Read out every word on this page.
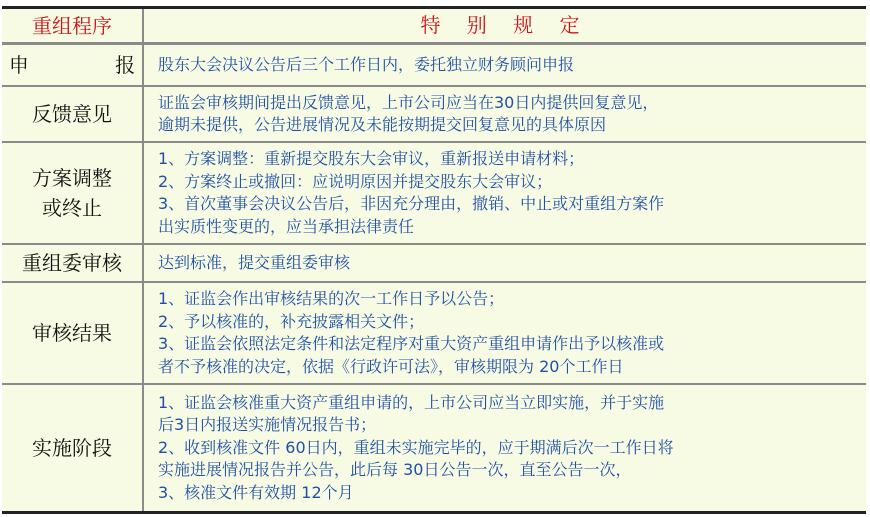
重组程序	特 别 规 定
申 报
股东大会决议公告后三个工作日内，委托独立财务顾问申报
反馈意见	证监会审核期间提出反馈意见，上市公司应当在30日内提供回复意见，
逾期未提供，公告进展情况及未能按期提交回复意见的具体原因
方案调整
或终止
1、方案调整：重新提交股东大会审议，重新报送申请材料；
2、方案终止或撤回：应说明原因并提交股东大会审议；
3、首次董事会决议公告后，非因充分理由，撤销、中止或对重组方案作
出实质性变更的，应当承担法律责任
重组委审核 达到标准，提交重组委审核
审核结果
1、证监会作出审核结果的次一工作日予以公告；
2、予以核准的，补充披露相关文件；
3、证监会依照法定条件和法定程序对重大资产重组申请作出予以核准或
者不予核准的决定，依据《行政许可法》，审核期限为 20个工作日
实施阶段
1、证监会核准重大资产重组申请的，上市公司应当立即实施，并于实施
后3日内报送实施情况报告书；
2、收到核准文件 60日内，重组未实施完毕的，应于期满后次一工作日将
实施进展情况报告并公告，此后每 30日公告一次，直至公告一次，
3、核准文件有效期 12个月
